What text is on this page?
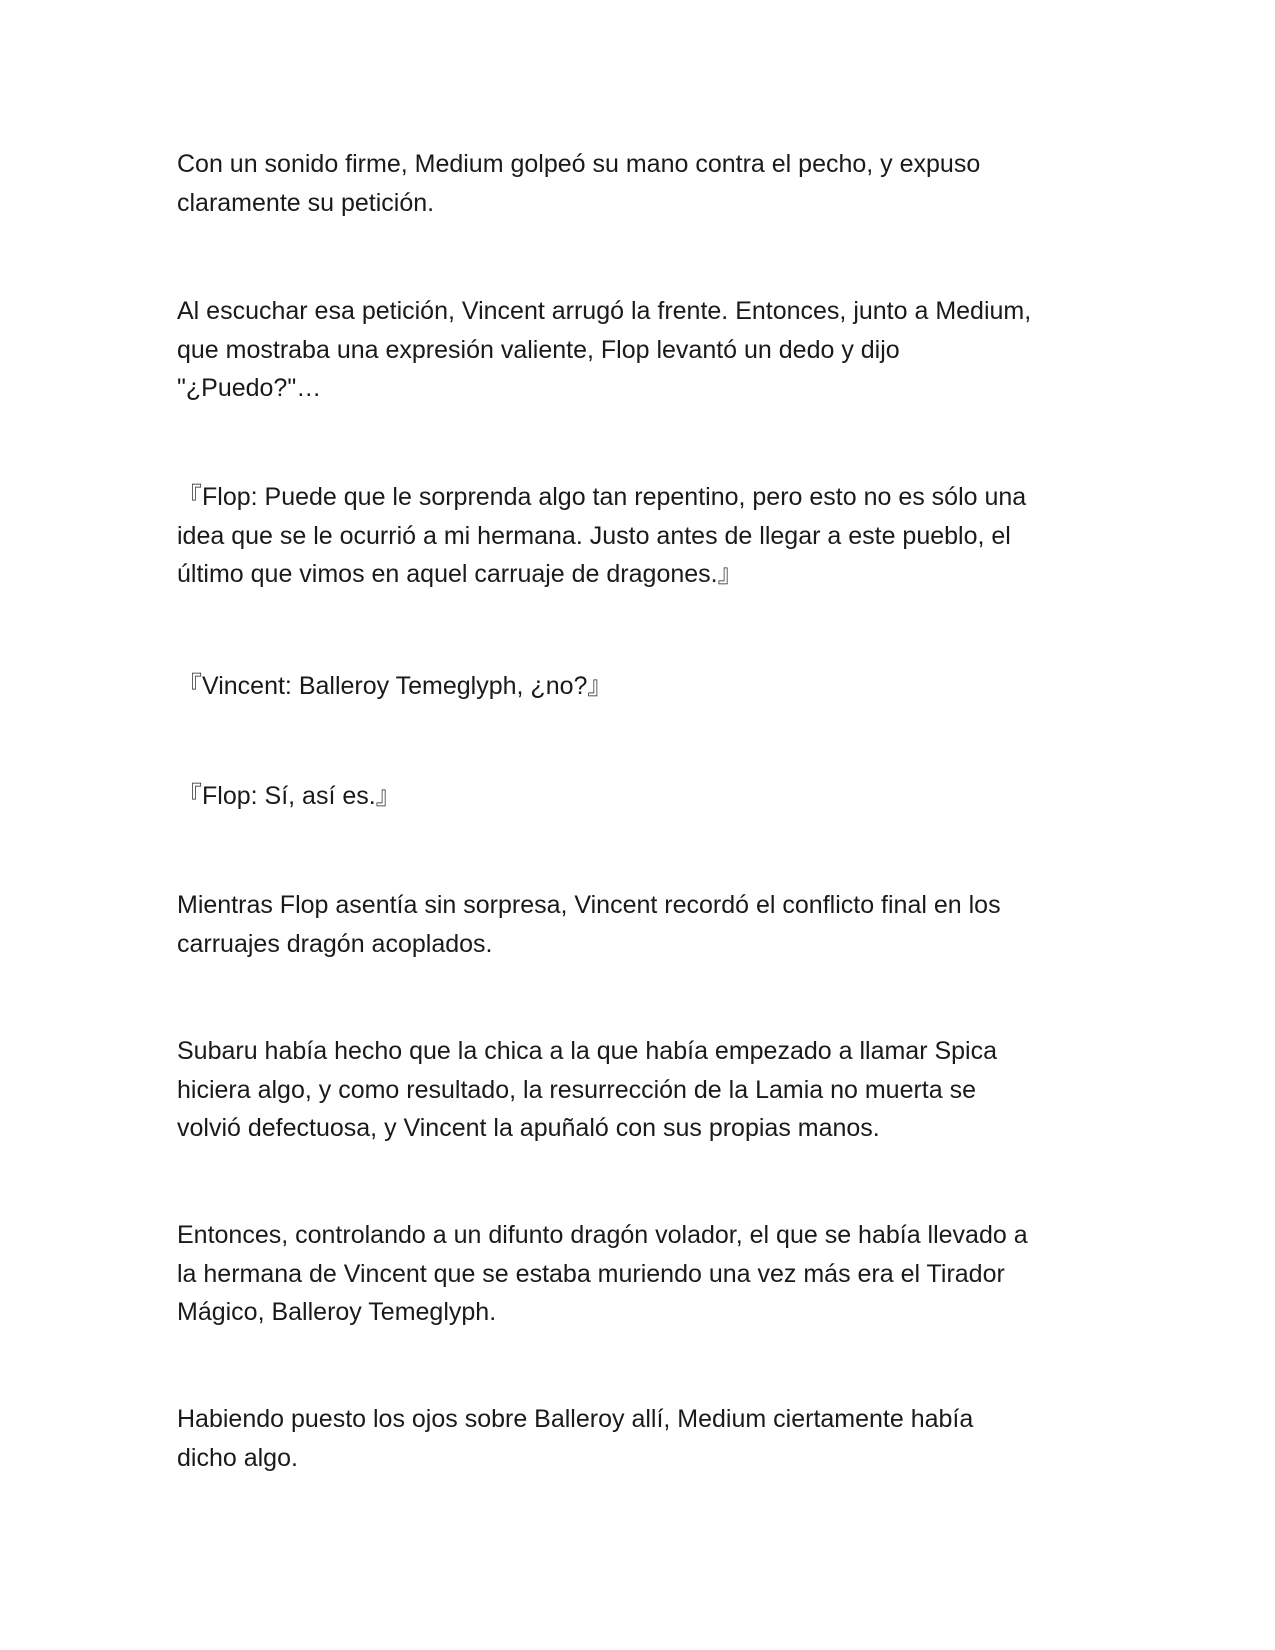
Con un sonido firme, Medium golpeó su mano contra el pecho, y expuso
claramente su petición.

Al escuchar esa petición, Vincent arrugó la frente. Entonces, junto a Medium,
que mostraba una expresión valiente, Flop levantó un dedo y dijo
"¿Puedo?"…

『Flop: Puede que le sorprenda algo tan repentino, pero esto no es sólo una
idea que se le ocurrió a mi hermana. Justo antes de llegar a este pueblo, el
último que vimos en aquel carruaje de dragones.』

『Vincent: Balleroy Temeglyph, ¿no?』

『Flop: Sí, así es.』

Mientras Flop asentía sin sorpresa, Vincent recordó el conflicto final en los
carruajes dragón acoplados.

Subaru había hecho que la chica a la que había empezado a llamar Spica
hiciera algo, y como resultado, la resurrección de la Lamia no muerta se
volvió defectuosa, y Vincent la apuñaló con sus propias manos.

Entonces, controlando a un difunto dragón volador, el que se había llevado a
la hermana de Vincent que se estaba muriendo una vez más era el Tirador
Mágico, Balleroy Temeglyph.

Habiendo puesto los ojos sobre Balleroy allí, Medium ciertamente había
dicho algo.
